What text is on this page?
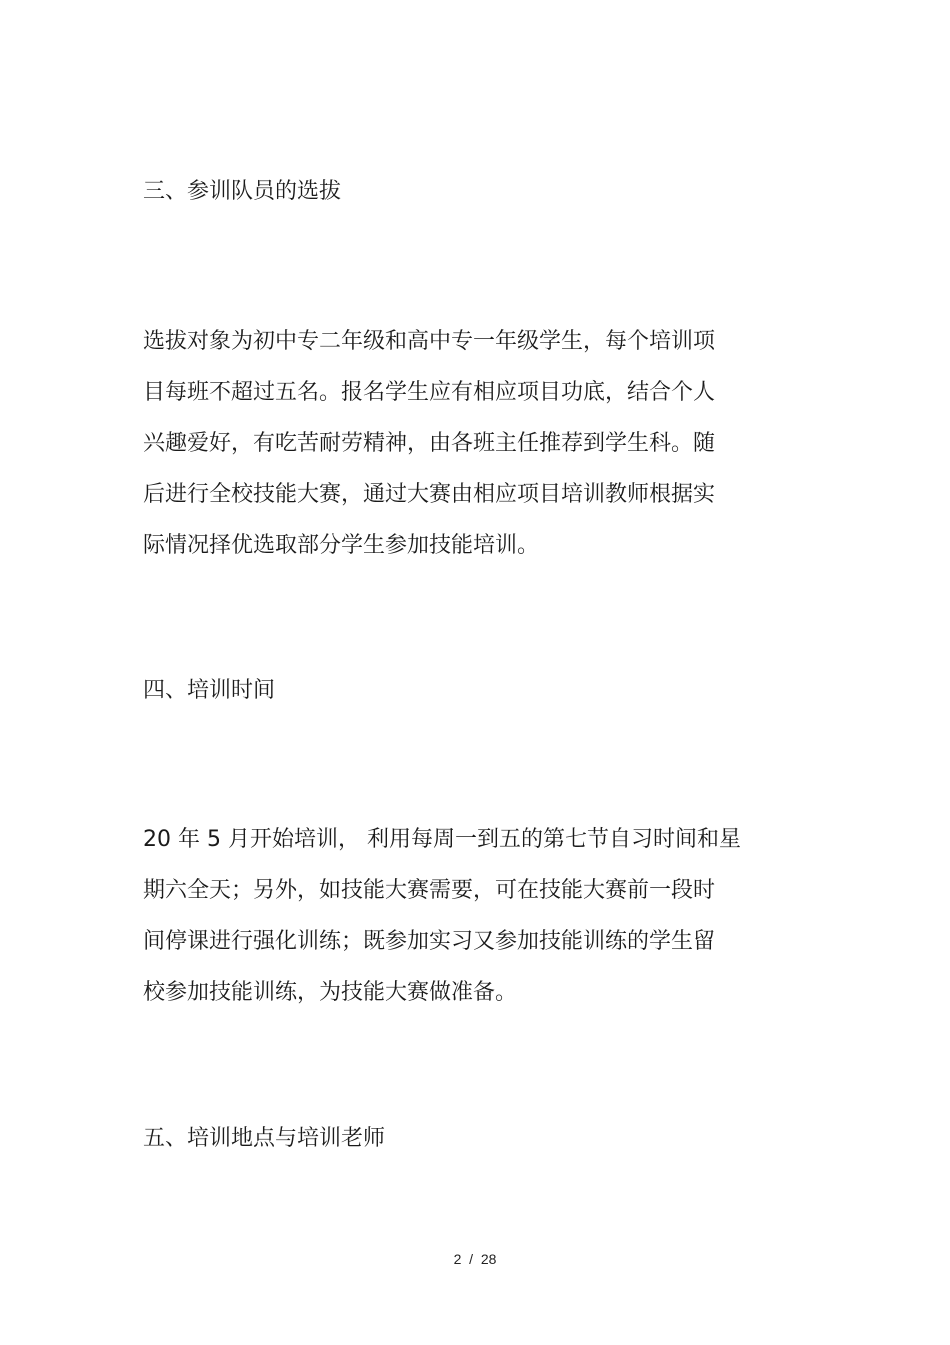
三、参训队员的选拔

选拔对象为初中专二年级和高中专一年级学生，每个培训项
目每班不超过五名。报名学生应有相应项目功底，结合个人
兴趣爱好，有吃苦耐劳精神，由各班主任推荐到学生科。随
后进行全校技能大赛，通过大赛由相应项目培训教师根据实
际情况择优选取部分学生参加技能培训。

四、培训时间

20 年 5 月开始培训， 利用每周一到五的第七节自习时间和星
期六全天；另外，如技能大赛需要，可在技能大赛前一段时
间停课进行强化训练；既参加实习又参加技能训练的学生留
校参加技能训练，为技能大赛做准备。

五、培训地点与培训老师
2 / 28
